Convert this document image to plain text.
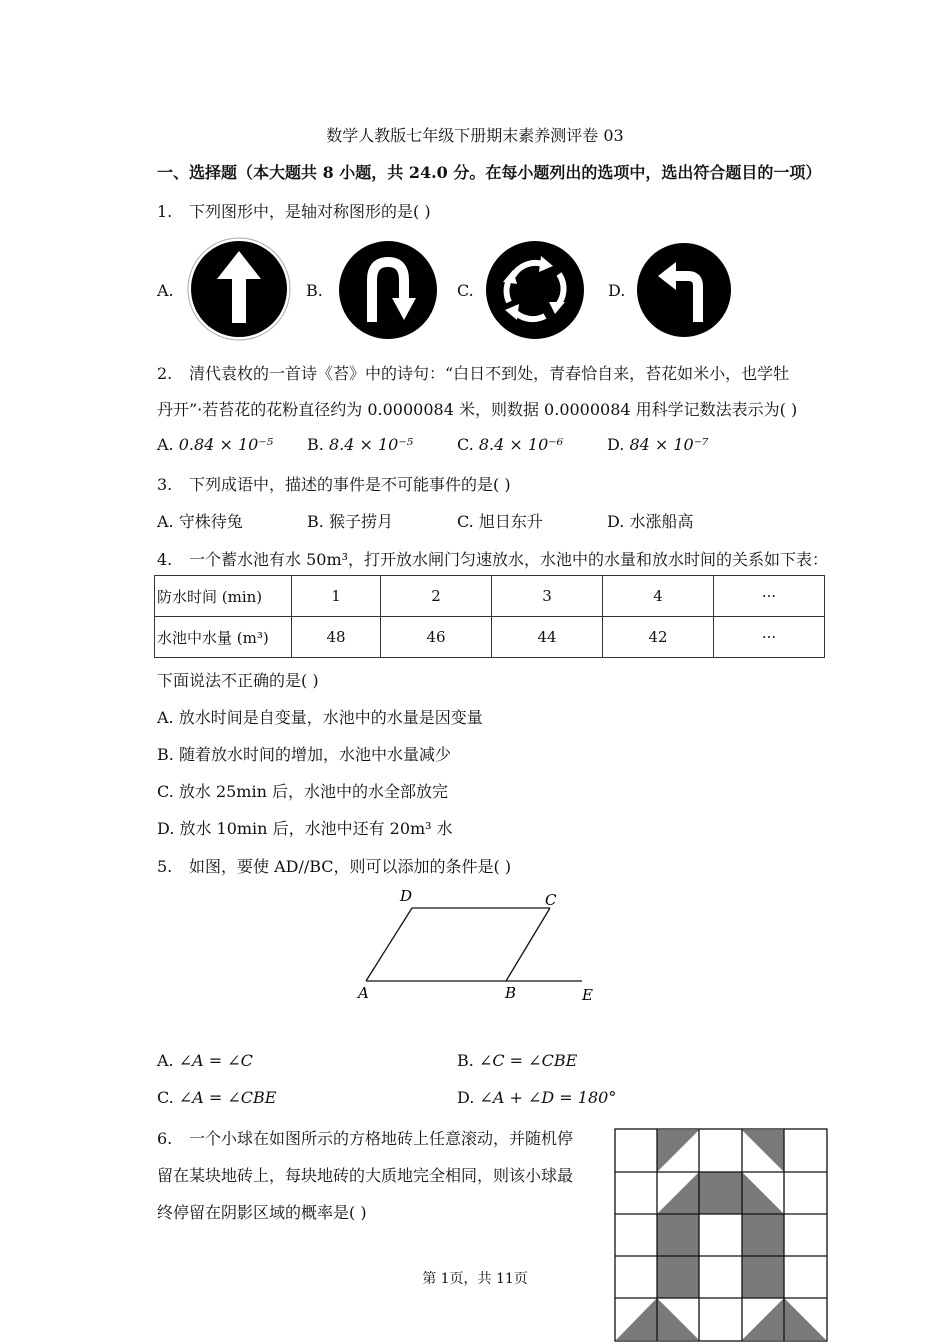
数学人教版七年级下册期末素养测评卷 03
一、选择题（本大题共 8 小题，共 24.0 分。在每小题列出的选项中，选出符合题目的一项）
1. 下列图形中，是轴对称图形的是( )
A.	B.	C.	D.
2. 清代袁枚的一首诗《苔》中的诗句：“白日不到处，青春恰自来，苔花如米小，也学牡
丹开”·若苔花的花粉直径约为 0.0000084 米，则数据 0.0000084 用科学记数法表示为( )
A. 0.84 × 10⁻⁵ B. 8.4 × 10⁻⁵	C. 8.4 × 10⁻⁶	D. 84 × 10⁻⁷
3. 下列成语中，描述的事件是不可能事件的是( )
A. 守株待兔	B. 猴子捞月	C. 旭日东升	D. 水涨船高
4. 一个蓄水池有水 50m³，打开放水闸门匀速放水，水池中的水量和放水时间的关系如下表：
防水时间 (min)	1	2	3	4	···
水池中水量 (m³)	48	46	44	42	···
下面说法不正确的是( )
A. 放水时间是自变量，水池中的水量是因变量
B. 随着放水时间的增加，水池中水量减少
C. 放水 25min 后，水池中的水全部放完
D. 放水 10min 后，水池中还有 20m³ 水
5. 如图，要使 AD//BC，则可以添加的条件是( )
D	C
A	B	E
A. ∠A = ∠C	B. ∠C = ∠CBE
C. ∠A = ∠CBE	D. ∠A + ∠D = 180°
6. 一个小球在如图所示的方格地砖上任意滚动，并随机停
留在某块地砖上，每块地砖的大质地完全相同，则该小球最
终停留在阴影区域的概率是( )
第 1页，共 11页
